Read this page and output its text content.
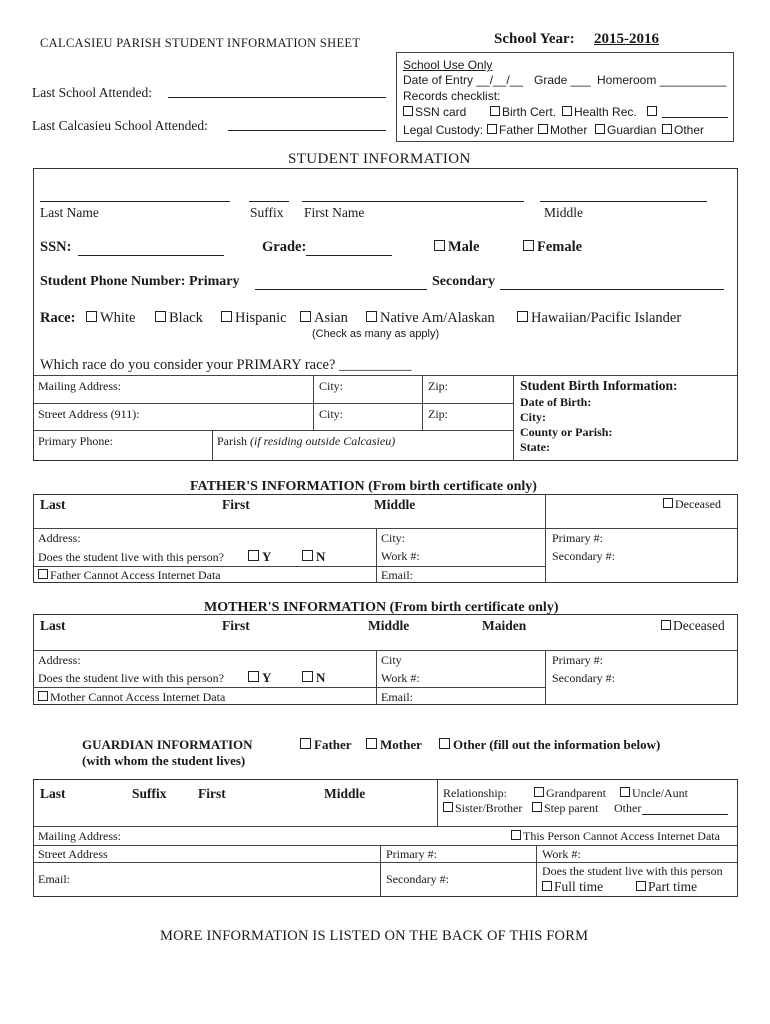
CALCASIEU PARISH STUDENT INFORMATION SHEET	School Year: 2015-2016
Last School Attended:
Last Calcasieu School Attended:
School Use Only
Date of Entry __/__/__ Grade ___ Homeroom __________
Records checklist:
SSN card	Birth Cert.	Health Rec.
Legal Custody:	Father	Mother	Guardian	Other
STUDENT INFORMATION
Last Name	Suffix First Name	Middle
SSN:	Grade:	Male	Female
Student Phone Number: Primary	Secondary
Race:	White	Black	Hispanic	Asian	Native Am/Alaskan	Hawaiian/Pacific Islander
(Check as many as apply)
Which race do you consider your PRIMARY race? __________
Mailing Address:	City:	Zip:
Street Address (911):	City:	Zip:
Primary Phone:	Parish (if residing outside Calcasieu)
Student Birth Information:
Date of Birth:
City:
County or Parish:
State:
FATHER'S INFORMATION (From birth certificate only)
Last	First	Middle	Deceased
Address:	City:	Primary #:
Does the student live with this person?	Y	N	Work #:	Secondary #:
Father Cannot Access Internet Data	Email:
MOTHER'S INFORMATION (From birth certificate only)
Last	First	Middle	Maiden	Deceased
Address:	City	Primary #:
Does the student live with this person?	Y	N	Work #:	Secondary #:
Mother Cannot Access Internet Data	Email:
GUARDIAN INFORMATION
(with whom the student lives)
Father	Mother	Other (fill out the information below)
Last	Suffix First	Middle	Relationship:	Grandparent	Uncle/Aunt
Sister/Brother	Step parent Other
Mailing Address:	This Person Cannot Access Internet Data
Street Address	Primary #:	Work #:
Email:	Secondary #:
Does the student live with this person
Full time	Part time
MORE INFORMATION IS LISTED ON THE BACK OF THIS FORM
